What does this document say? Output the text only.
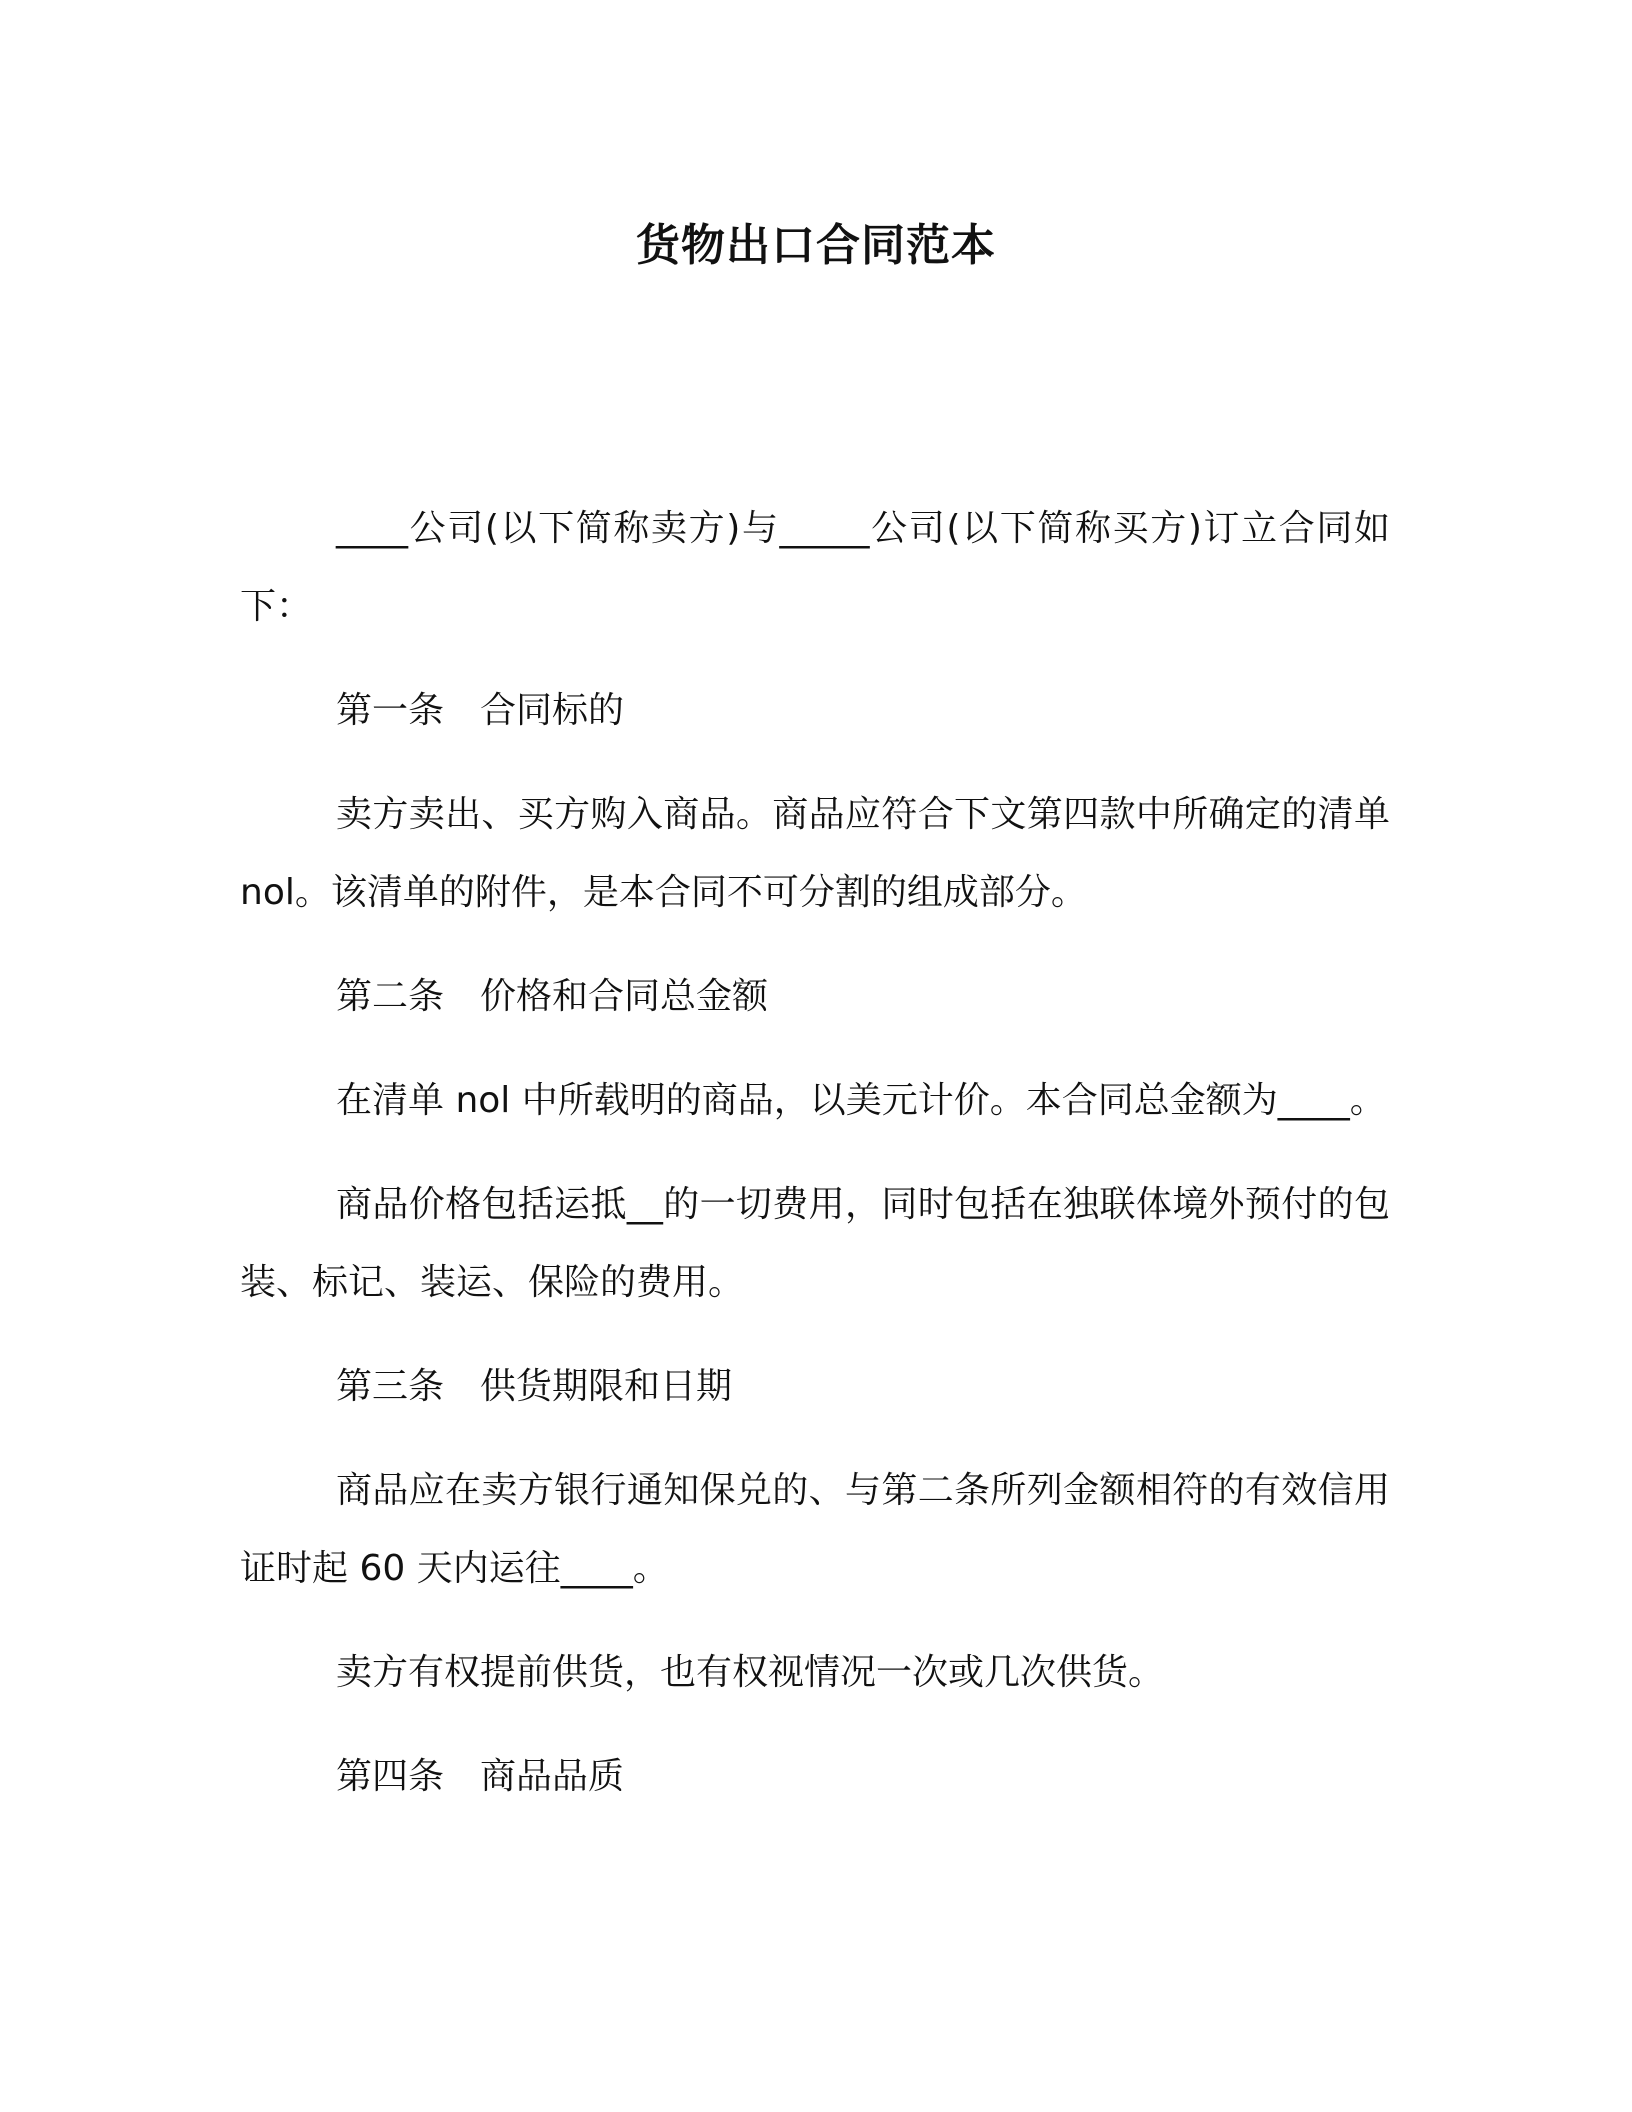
货物出口合同范本

____公司(以下简称卖方)与_____公司(以下简称买方)订立合同如下：

第一条　合同标的

卖方卖出、买方购入商品。商品应符合下文第四款中所确定的清单 nol。该清单的附件，是本合同不可分割的组成部分。

第二条　价格和合同总金额

在清单 nol 中所载明的商品，以美元计价。本合同总金额为____。

商品价格包括运抵__的一切费用，同时包括在独联体境外预付的包装、标记、装运、保险的费用。

第三条　供货期限和日期

商品应在卖方银行通知保兑的、与第二条所列金额相符的有效信用证时起 60 天内运往____。

卖方有权提前供货，也有权视情况一次或几次供货。

第四条　商品品质
